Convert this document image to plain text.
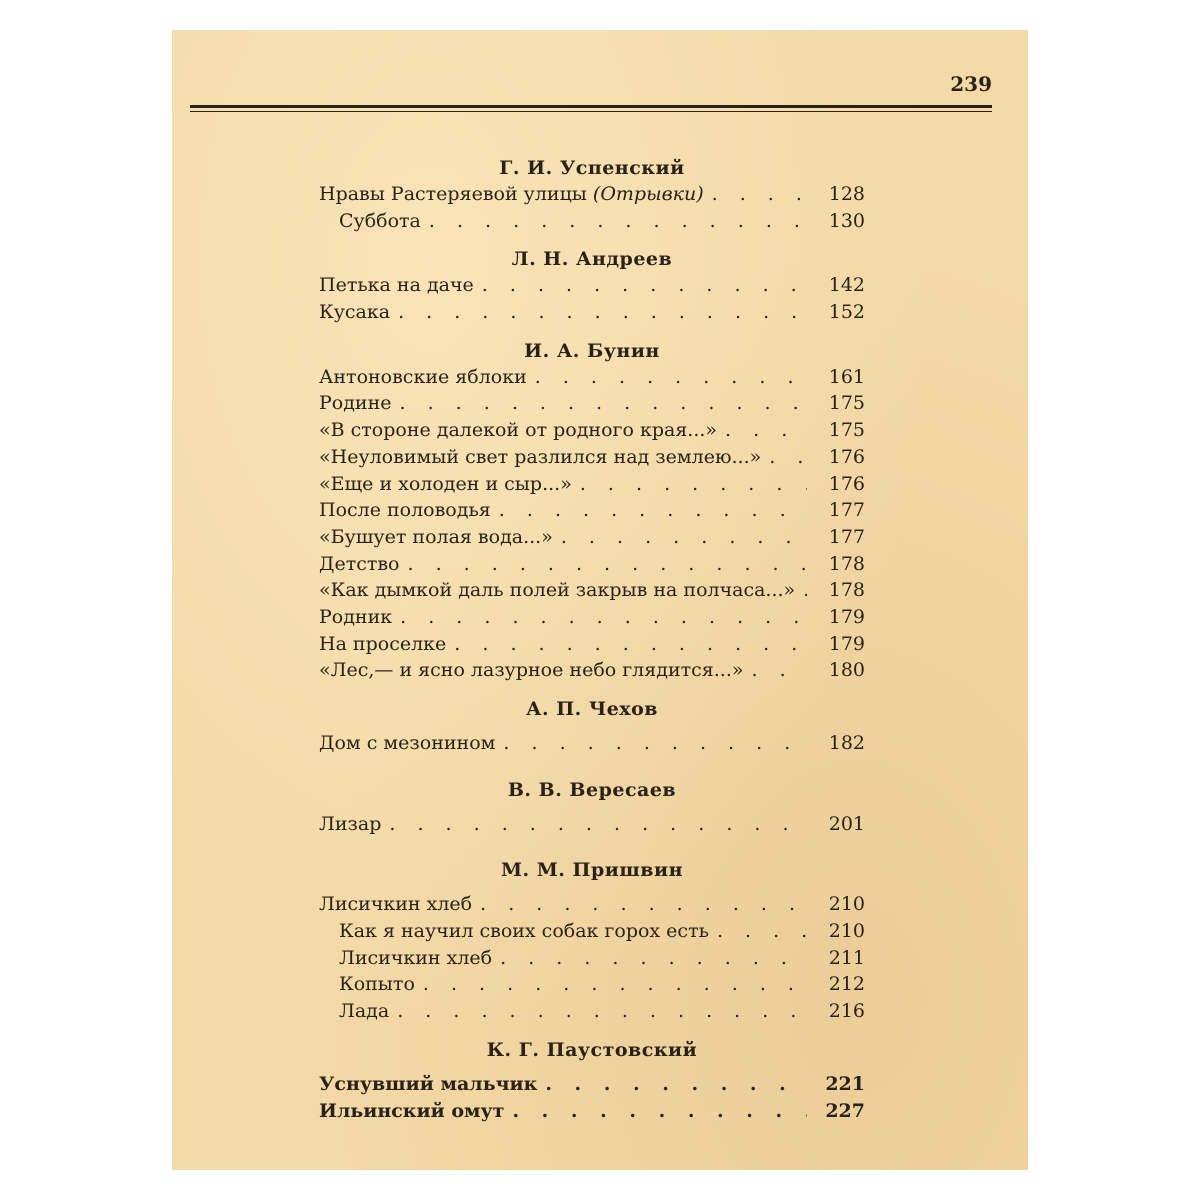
239
Г. И. Успенский
Нравы Растеряевой улицы (Отрывки) . . .	128
Суббота . . .	130
Л. Н. Андреев
Петька на даче . . .	142
Кусака . . .	152
И. А. Бунин
Антоновские яблоки . . .	161
Родине . . .	175
«В стороне далекой от родного края...» . . .	175
«Неуловимый свет разлился над землею...» . . .	176
«Еще и холоден и сыр...» . . .	176
После половодья . . .	177
«Бушует полая вода...» . . .	177
Детство . . .	178
«Как дымкой даль полей закрыв на полчаса...» . . .	178
Родник . . .	179
На проселке . . .	179
«Лес,— и ясно лазурное небо глядится...» . . .	180
А. П. Чехов
Дом с мезонином . . .	182
В. В. Вересаев
Лизар . . .	201
М. М. Пришвин
Лисичкин хлеб . . .	210
Как я научил своих собак горох есть . . .	210
Лисичкин хлеб . . .	211
Копыто . . .	212
Лада . . .	216
К. Г. Паустовский
Уснувший мальчик . . .	221
Ильинский омут . . .	227
